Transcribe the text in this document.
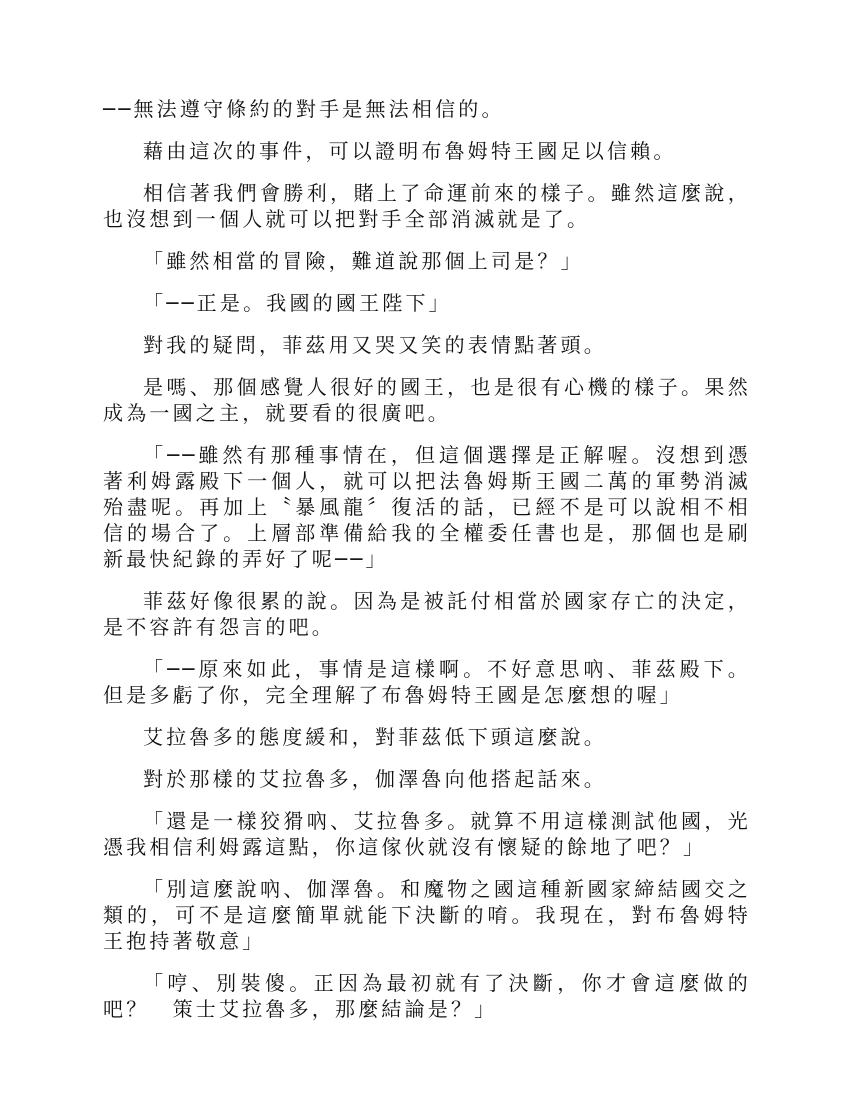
──無法遵守條約的對手是無法相信的。

藉由這次的事件，可以證明布魯姆特王國足以信賴。

相信著我們會勝利，賭上了命運前來的樣子。雖然這麼說，也沒想到一個人就可以把對手全部消滅就是了。

「雖然相當的冒險，難道說那個上司是？」

「──正是。我國的國王陛下」

對我的疑問，菲茲用又哭又笑的表情點著頭。

是嗎、那個感覺人很好的國王，也是很有心機的樣子。果然成為一國之主，就要看的很廣吧。

「──雖然有那種事情在，但這個選擇是正解喔。沒想到憑著利姆露殿下一個人，就可以把法魯姆斯王國二萬的軍勢消滅殆盡呢。再加上〝暴風龍〞復活的話，已經不是可以說相不相信的場合了。上層部準備給我的全權委任書也是，那個也是刷新最快紀錄的弄好了呢──」

菲茲好像很累的說。因為是被託付相當於國家存亡的決定，是不容許有怨言的吧。

「──原來如此，事情是這樣啊。不好意思吶、菲茲殿下。但是多虧了你，完全理解了布魯姆特王國是怎麼想的喔」

艾拉魯多的態度緩和，對菲茲低下頭這麼說。

對於那樣的艾拉魯多，伽澤魯向他搭起話來。

「還是一樣狡猾吶、艾拉魯多。就算不用這樣測試他國，光憑我相信利姆露這點，你這傢伙就沒有懷疑的餘地了吧？」

「別這麼說吶、伽澤魯。和魔物之國這種新國家締結國交之類的，可不是這麼簡單就能下決斷的唷。我現在，對布魯姆特王抱持著敬意」

「哼、別裝傻。正因為最初就有了決斷，你才會這麼做的吧？　策士艾拉魯多，那麼結論是？」
